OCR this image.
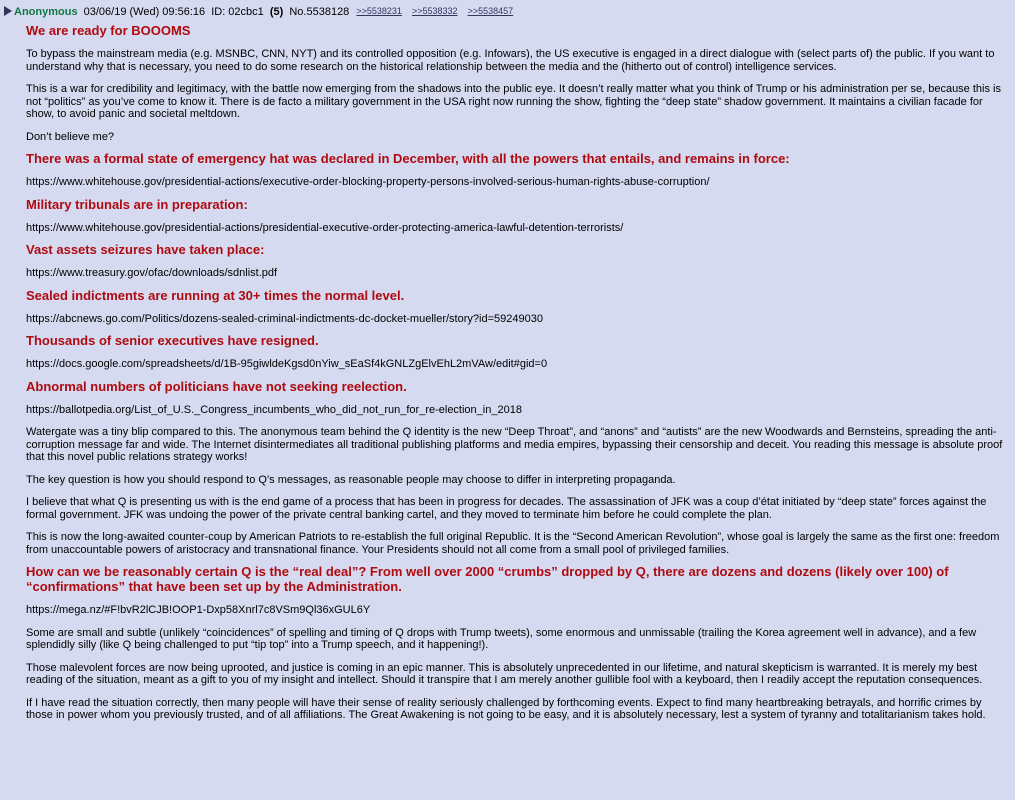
Anonymous 03/06/19 (Wed) 09:56:16 ID: 02cbc1 (5) No.5538128 >>5538231 >>5538332 >>5538457
We are ready for BOOOMS
To bypass the mainstream media (e.g. MSNBC, CNN, NYT) and its controlled opposition (e.g. Infowars), the US executive is engaged in a direct dialogue with (select parts of) the public. If you want to understand why that is necessary, you need to do some research on the historical relationship between the media and the (hitherto out of control) intelligence services.
This is a war for credibility and legitimacy, with the battle now emerging from the shadows into the public eye. It doesn’t really matter what you think of Trump or his administration per se, because this is not “politics” as you’ve come to know it. There is de facto a military government in the USA right now running the show, fighting the “deep state” shadow government. It maintains a civilian facade for show, to avoid panic and societal meltdown.
Don’t believe me?
There was a formal state of emergency hat was declared in December, with all the powers that entails, and remains in force:
https://www.whitehouse.gov/presidential-actions/executive-order-blocking-property-persons-involved-serious-human-rights-abuse-corruption/
Military tribunals are in preparation:
https://www.whitehouse.gov/presidential-actions/presidential-executive-order-protecting-america-lawful-detention-terrorists/
Vast assets seizures have taken place:
https://www.treasury.gov/ofac/downloads/sdnlist.pdf
Sealed indictments are running at 30+ times the normal level.
https://abcnews.go.com/Politics/dozens-sealed-criminal-indictments-dc-docket-mueller/story?id=59249030
Thousands of senior executives have resigned.
https://docs.google.com/spreadsheets/d/1B-95giwldeKgsd0nYiw_sEaSf4kGNLZgElvEhL2mVAw/edit#gid=0
Abnormal numbers of politicians have not seeking reelection.
https://ballotpedia.org/List_of_U.S._Congress_incumbents_who_did_not_run_for_re-election_in_2018
Watergate was a tiny blip compared to this. The anonymous team behind the Q identity is the new “Deep Throat”, and “anons” and “autists” are the new Woodwards and Bernsteins, spreading the anti-corruption message far and wide. The Internet disintermediates all traditional publishing platforms and media empires, bypassing their censorship and deceit. You reading this message is absolute proof that this novel public relations strategy works!
The key question is how you should respond to Q’s messages, as reasonable people may choose to differ in interpreting propaganda.
I believe that what Q is presenting us with is the end game of a process that has been in progress for decades. The assassination of JFK was a coup d’état initiated by “deep state” forces against the formal government. JFK was undoing the power of the private central banking cartel, and they moved to terminate him before he could complete the plan.
This is now the long-awaited counter-coup by American Patriots to re-establish the full original Republic. It is the “Second American Revolution”, whose goal is largely the same as the first one: freedom from unaccountable powers of aristocracy and transnational finance. Your Presidents should not all come from a small pool of privileged families.
How can we be reasonably certain Q is the “real deal”? From well over 2000 “crumbs” dropped by Q, there are dozens and dozens (likely over 100) of “confirmations” that have been set up by the Administration.
https://mega.nz/#F!bvR2lCJB!OOP1-Dxp58Xnrl7c8VSm9Ql36xGUL6Y
Some are small and subtle (unlikely “coincidences” of spelling and timing of Q drops with Trump tweets), some enormous and unmissable (trailing the Korea agreement well in advance), and a few splendidly silly (like Q being challenged to put “tip top” into a Trump speech, and it happening!).
Those malevolent forces are now being uprooted, and justice is coming in an epic manner. This is absolutely unprecedented in our lifetime, and natural skepticism is warranted. It is merely my best reading of the situation, meant as a gift to you of my insight and intellect. Should it transpire that I am merely another gullible fool with a keyboard, then I readily accept the reputation consequences.
If I have read the situation correctly, then many people will have their sense of reality seriously challenged by forthcoming events. Expect to find many heartbreaking betrayals, and horrific crimes by those in power whom you previously trusted, and of all affiliations. The Great Awakening is not going to be easy, and it is absolutely necessary, lest a system of tyranny and totalitarianism takes hold.
